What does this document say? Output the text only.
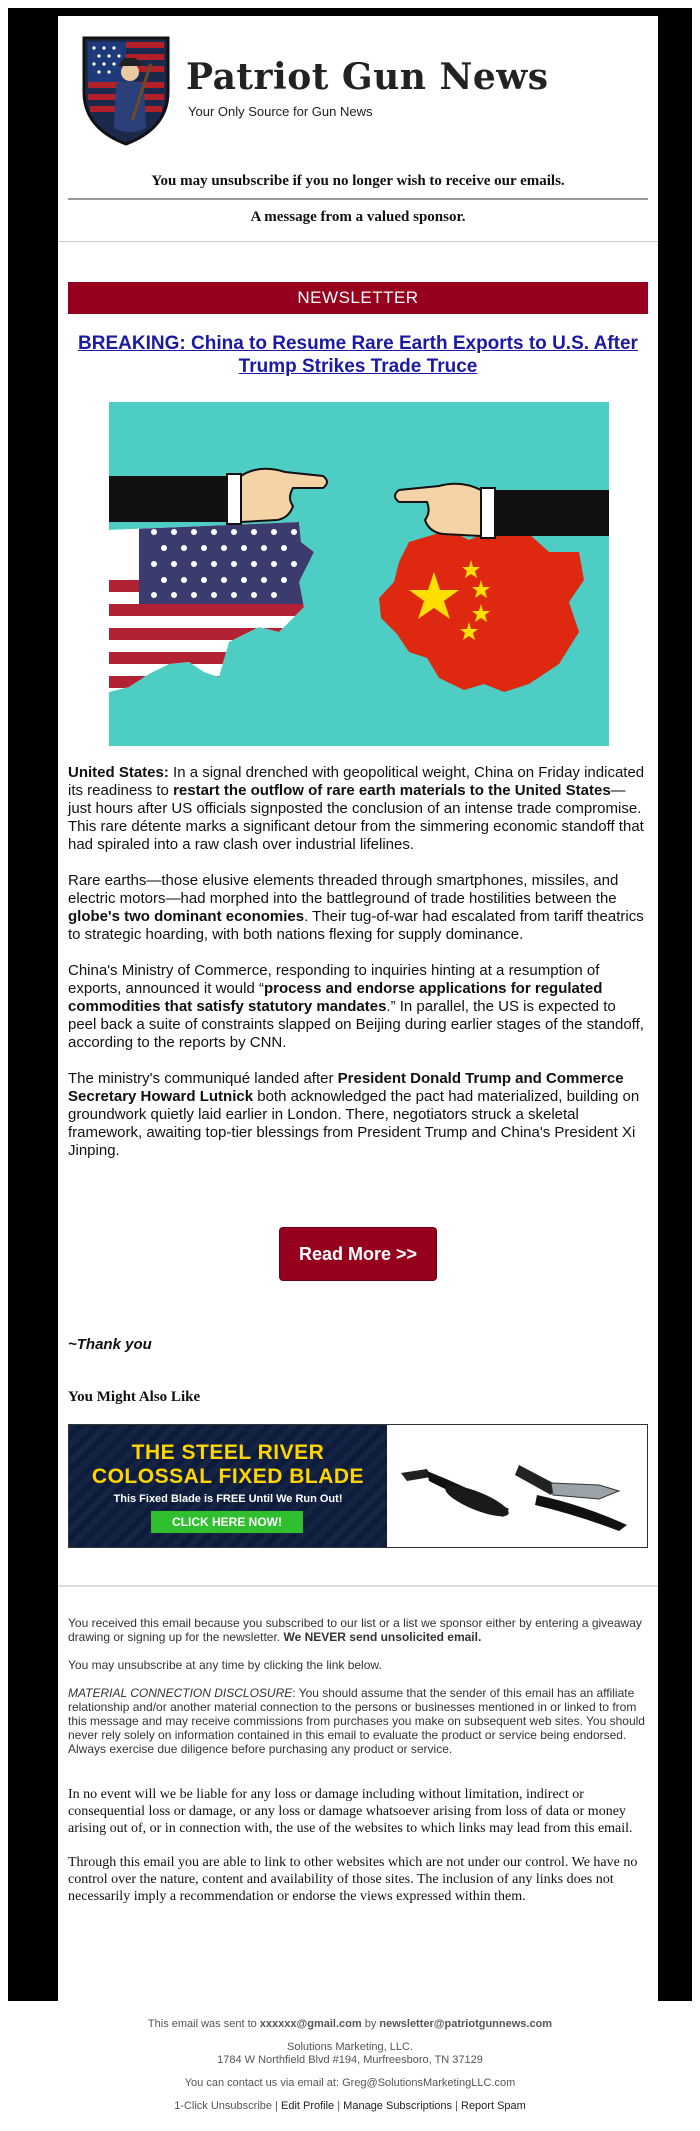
Patriot Gun News
Your Only Source for Gun News
You may unsubscribe if you no longer wish to receive our emails.
A message from a valued sponsor.
NEWSLETTER
BREAKING: China to Resume Rare Earth Exports to U.S. After Trump Strikes Trade Truce

United States: In a signal drenched with geopolitical weight, China on Friday indicated its readiness to restart the outflow of rare earth materials to the United States—just hours after US officials signposted the conclusion of an intense trade compromise. This rare détente marks a significant detour from the simmering economic standoff that had spiraled into a raw clash over industrial lifelines.

Rare earths—those elusive elements threaded through smartphones, missiles, and electric motors—had morphed into the battleground of trade hostilities between the globe's two dominant economies. Their tug-of-war had escalated from tariff theatrics to strategic hoarding, with both nations flexing for supply dominance.

China's Ministry of Commerce, responding to inquiries hinting at a resumption of exports, announced it would “process and endorse applications for regulated commodities that satisfy statutory mandates.” In parallel, the US is expected to peel back a suite of constraints slapped on Beijing during earlier stages of the standoff, according to the reports by CNN.

The ministry's communiqué landed after President Donald Trump and Commerce Secretary Howard Lutnick both acknowledged the pact had materialized, building on groundwork quietly laid earlier in London. There, negotiators struck a skeletal framework, awaiting top-tier blessings from President Trump and China's President Xi Jinping.

Read More >>
~Thank you
You Might Also Like
THE STEEL RIVER
COLOSSAL FIXED BLADE
This Fixed Blade is FREE Until We Run Out!
CLICK HERE NOW!

You received this email because you subscribed to our list or a list we sponsor either by entering a giveaway drawing or signing up for the newsletter. We NEVER send unsolicited email.

You may unsubscribe at any time by clicking the link below.

MATERIAL CONNECTION DISCLOSURE: You should assume that the sender of this email has an affiliate relationship and/or another material connection to the persons or businesses mentioned in or linked to from this message and may receive commissions from purchases you make on subsequent web sites. You should never rely solely on information contained in this email to evaluate the product or service being endorsed. Always exercise due diligence before purchasing any product or service.

In no event will we be liable for any loss or damage including without limitation, indirect or consequential loss or damage, or any loss or damage whatsoever arising from loss of data or money arising out of, or in connection with, the use of the websites to which links may lead from this email.

Through this email you are able to link to other websites which are not under our control. We have no control over the nature, content and availability of those sites. The inclusion of any links does not necessarily imply a recommendation or endorse the views expressed within them.

This email was sent to xxxxxx@gmail.com by newsletter@patriotgunnews.com
Solutions Marketing, LLC.
1784 W Northfield Blvd #194, Murfreesboro, TN 37129
You can contact us via email at: Greg@SolutionsMarketingLLC.com
1-Click Unsubscribe | Edit Profile | Manage Subscriptions | Report Spam
